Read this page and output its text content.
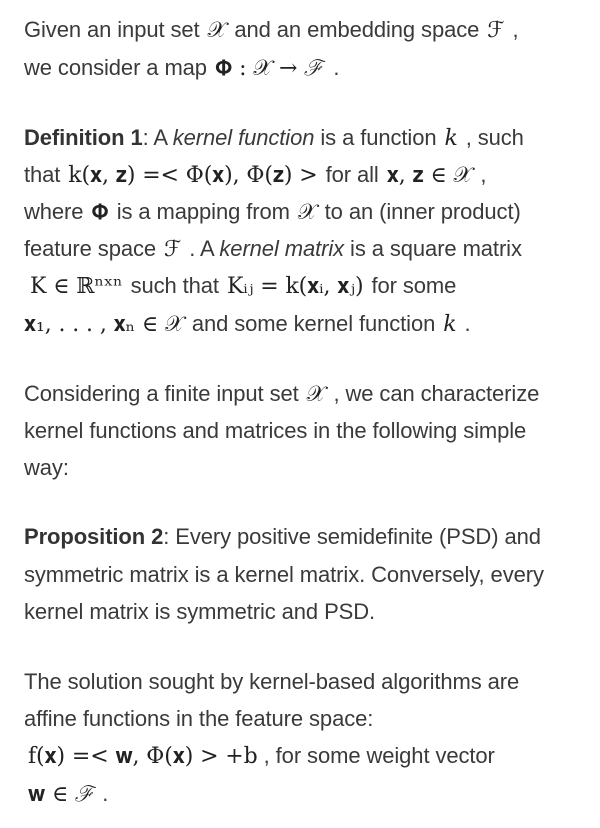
Given an input set 𝒳 and an embedding space ℱ ,
we consider a map 𝚽 : 𝒳 → ℱ .
Definition 1: A kernel function is a function k , such
that k(𝐱, 𝐳) =< Φ(𝐱), Φ(𝐳) > for all 𝐱, 𝐳 ∈ 𝒳 ,
where 𝚽 is a mapping from 𝒳 to an (inner product)
feature space ℱ . A kernel matrix is a square matrix
K ∈ ℝⁿˣⁿ such that Kᵢⱼ = k(𝐱ᵢ, 𝐱ⱼ) for some
𝐱₁, . . . , 𝐱ₙ ∈ 𝒳 and some kernel function k .
Considering a finite input set 𝒳 , we can characterize
kernel functions and matrices in the following simple
way:
Proposition 2: Every positive semidefinite (PSD) and
symmetric matrix is a kernel matrix. Conversely, every
kernel matrix is symmetric and PSD.
The solution sought by kernel-based algorithms are
affine functions in the feature space:
f(𝐱) =< 𝐰, Φ(𝐱) > +b , for some weight vector
𝐰 ∈ ℱ .
